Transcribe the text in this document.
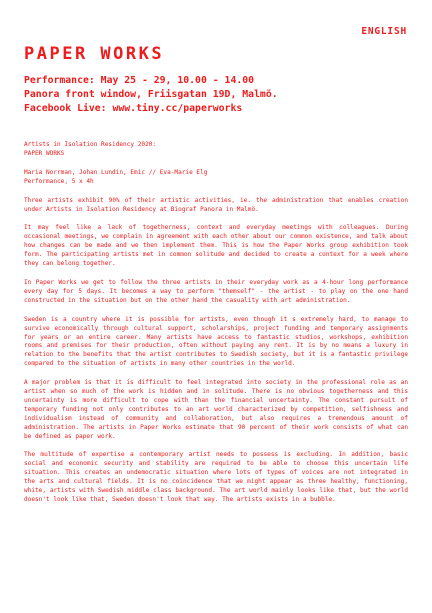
ENGLISH
PAPER WORKS
Performance: May 25 - 29, 10.00 - 14.00
Panora front window, Friisgatan 19D, Malmö.
Facebook Live: www.tiny.cc/paperworks

Artists in Isolation Residency 2020:

PAPER WORKS

Maria Norrman, Johan Lundin, Emic // Eva-Marie Elg

Performance, 5 x 4h

Three artists exhibit 90% of their artistic activities, ie. the administration that enables creation under Artists in Isolation Residency at Biograf Panora in Malmö.

It may feel like a lack of togetherness, context and everyday meetings with colleagues. During occasional meetings, we complain in agreement with each other about our common existence, and talk about how changes can be made and we then implement them. This is how the Paper Works group exhibition took form. The participating artists met in common solitude and decided to create a context for a week where they can belong together.

In Paper Works we get to follow the three artists in their everyday work as a 4-hour long performance every day for 5 days. It becomes a way to perform "themself" - the artist - to play on the one hand constructed in the situation but on the other hand the casuality with art administration.

Sweden is a country where it is possible for artists, even though it s extremely hard, to manage to survive economically through cultural support, scholarships, project funding and temporary assignments for years or an entire career. Many artists have access to fantastic studios, workshops, exhibition rooms and premises for their production, often without paying any rent. It is by no means a luxury in relation to the benefits that the artist contributes to Swedish society, but it is a fantastic privilege compared to the situation of artists in many other countries in the world.

A major problem is that it is difficult to feel integrated into society in the professional role as an artist when so much of the work is hidden and in solitude. There is no obvious togetherness and this uncertainty is more difficult to cope with than the financial uncertainty. The constant pursuit of temporary funding not only contributes to an art world characterized by competition, selfishness and individualism instead of community and collaboration, but also requires a tremendous amount of administration. The artists in Paper Works estimate that 90 percent of their work consists of what can be defined as paper work.

The multitude of expertise a contemporary artist needs to possess is excluding. In addition, basic social and economic security and stability are required to be able to choose this uncertain life situation. This creates an undemocratic situation where lots of types of voices are not integrated in the arts and cultural fields. It is no coincidence that we might appear as three healthy, functioning, white, artists with Swedish middle class background. The art world mainly looks like that, but the world doesn't look like that, Sweden doesn't look that way. The artists exists in a bubble.
